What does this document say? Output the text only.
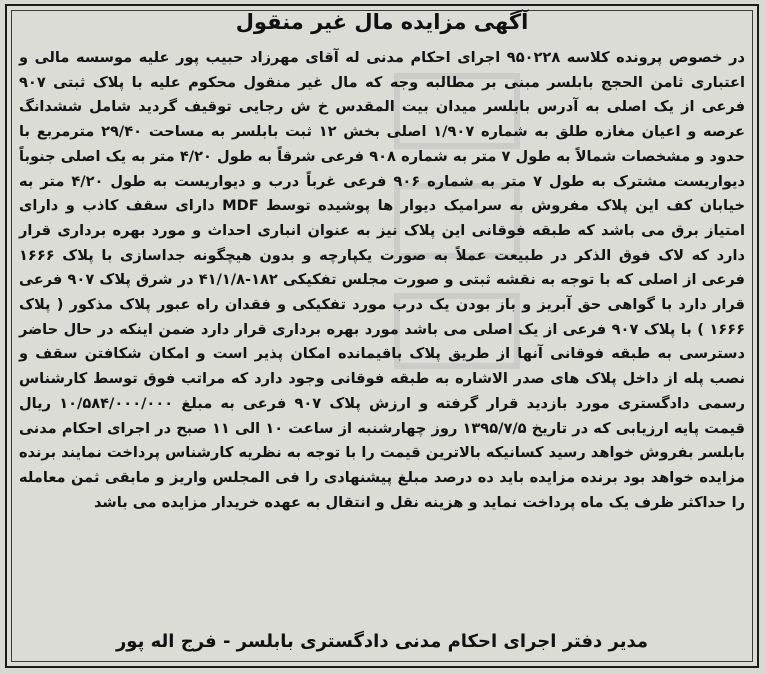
آگهی مزایده مال غیر منقول
در خصوص پرونده کلاسه ۹۵۰۲۲۸ اجرای احکام مدنی له آقای مهرزاد حبیب پور علیه موسسه مالی و اعتباری ثامن الحجج بابلسر مبنی بر مطالبه وجه که مال غیر منقول محکوم علیه با پلاک ثبتی ۹۰۷ فرعی از یک اصلی به آدرس بابلسر میدان بیت المقدس خ ش رجایی توقیف گردید شامل ششدانگ عرصه و اعیان مغازه طلق به شماره ۱/۹۰۷ اصلی بخش ۱۲ ثبت بابلسر به مساحت ۲۹/۴۰ مترمربع با حدود و مشخصات شمالاً به طول ۷ متر به شماره ۹۰۸ فرعی شرقاً به طول ۴/۲۰ متر به یک اصلی جنوباً دیواریست مشترک به طول ۷ متر به شماره ۹۰۶ فرعی غرباً درب و دیواریست به طول ۴/۲۰ متر به خیابان کف این پلاک مفروش به سرامیک دیوار ها پوشیده توسط MDF دارای سقف کاذب و دارای امتیاز برق می باشد که طبقه فوقانی این پلاک نیز به عنوان انباری احداث و مورد بهره برداری قرار دارد که لاک فوق الذکر در طبیعت عملاً به صورت یکپارچه و بدون هیچگونه جداسازی با پلاک ۱۶۶۶ فرعی از اصلی که با توجه به نقشه ثبتی و صورت مجلس تفکیکی ۱۸۲-۴۱/۱/۸ در شرق پلاک ۹۰۷ فرعی قرار دارد با گواهی حق آبریز و باز بودن یک درب مورد تفکیکی و فقدان راه عبور پلاک مذکور ( پلاک ۱۶۶۶ ) با پلاک ۹۰۷ فرعی از یک اصلی می باشد مورد بهره برداری قرار دارد ضمن اینکه در حال حاضر دسترسی به طبقه فوقانی آنها از طریق پلاک باقیمانده امکان پذیر است و امکان شکافتن سقف و نصب پله از داخل پلاک های صدر الاشاره به طبقه فوقانی وجود دارد که مراتب فوق توسط کارشناس رسمی دادگستری مورد بازدید قرار گرفته و ارزش پلاک ۹۰۷ فرعی به مبلغ ۱۰/۵۸۴/۰۰۰/۰۰۰ ریال قیمت پایه ارزیابی که در تاریخ ۱۳۹۵/۷/۵ روز چهارشنبه از ساعت ۱۰ الی ۱۱ صبح در اجرای احکام مدنی بابلسر بفروش خواهد رسید کسانیکه بالاترین قیمت را با توجه به نظریه کارشناس پرداخت نمایند برنده مزایده خواهد بود برنده مزایده باید ده درصد مبلغ پیشنهادی را فی المجلس واریز و مابقی ثمن معامله را حداکثر ظرف یک ماه پرداخت نماید و هزینه نقل و انتقال به عهده خریدار مزایده می باشد
مدیر دفتر اجرای احکام مدنی دادگستری بابلسر - فرج اله پور
